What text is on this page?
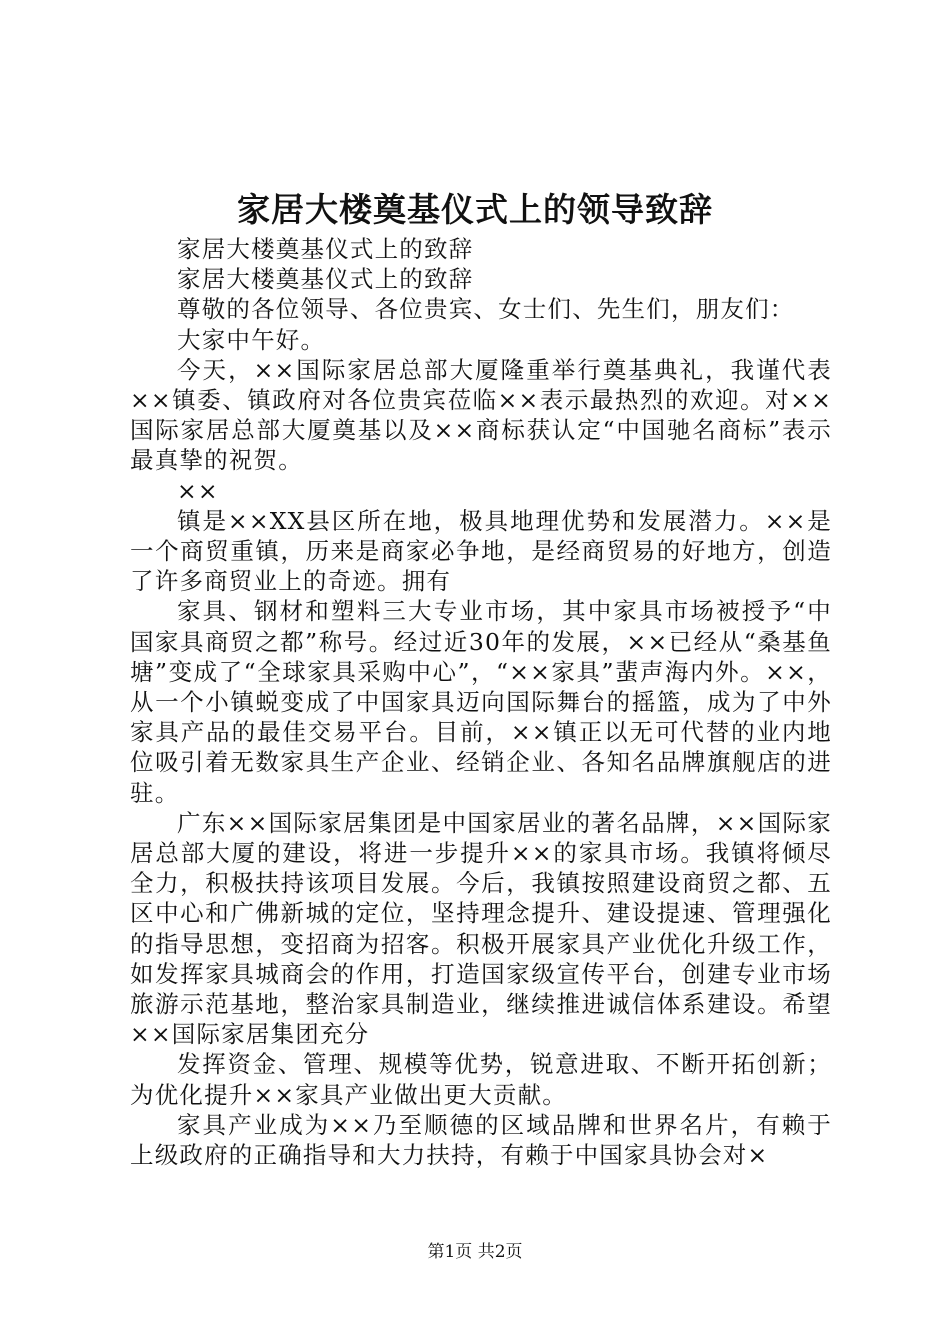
家居大楼奠基仪式上的领导致辞

家居大楼奠基仪式上的致辞

家居大楼奠基仪式上的致辞

尊敬的各位领导、各位贵宾、女士们、先生们，朋友们：

大家中午好。

今天，××国际家居总部大厦隆重举行奠基典礼，我谨代表××镇委、镇政府对各位贵宾莅临××表示最热烈的欢迎。对××国际家居总部大厦奠基以及××商标获认定“中国驰名商标”表示最真挚的祝贺。

××

镇是××XX县区所在地，极具地理优势和发展潜力。××是一个商贸重镇，历来是商家必争地，是经商贸易的好地方，创造了许多商贸业上的奇迹。拥有

家具、钢材和塑料三大专业市场，其中家具市场被授予“中国家具商贸之都”称号。经过近30年的发展，××已经从“桑基鱼塘”变成了“全球家具采购中心”，“××家具”蜚声海内外。××，从一个小镇蜕变成了中国家具迈向国际舞台的摇篮，成为了中外家具产品的最佳交易平台。目前，××镇正以无可代替的业内地位吸引着无数家具生产企业、经销企业、各知名品牌旗舰店的进驻。

广东××国际家居集团是中国家居业的著名品牌，××国际家居总部大厦的建设，将进一步提升××的家具市场。我镇将倾尽全力，积极扶持该项目发展。今后，我镇按照建设商贸之都、五区中心和广佛新城的定位，坚持理念提升、建设提速、管理强化的指导思想，变招商为招客。积极开展家具产业优化升级工作，如发挥家具城商会的作用，打造国家级宣传平台，创建专业市场旅游示范基地，整治家具制造业，继续推进诚信体系建设。希望××国际家居集团充分

发挥资金、管理、规模等优势，锐意进取、不断开拓创新；为优化提升××家具产业做出更大贡献。

家具产业成为××乃至顺德的区域品牌和世界名片，有赖于上级政府的正确指导和大力扶持，有赖于中国家具协会对×

第1页 共2页
